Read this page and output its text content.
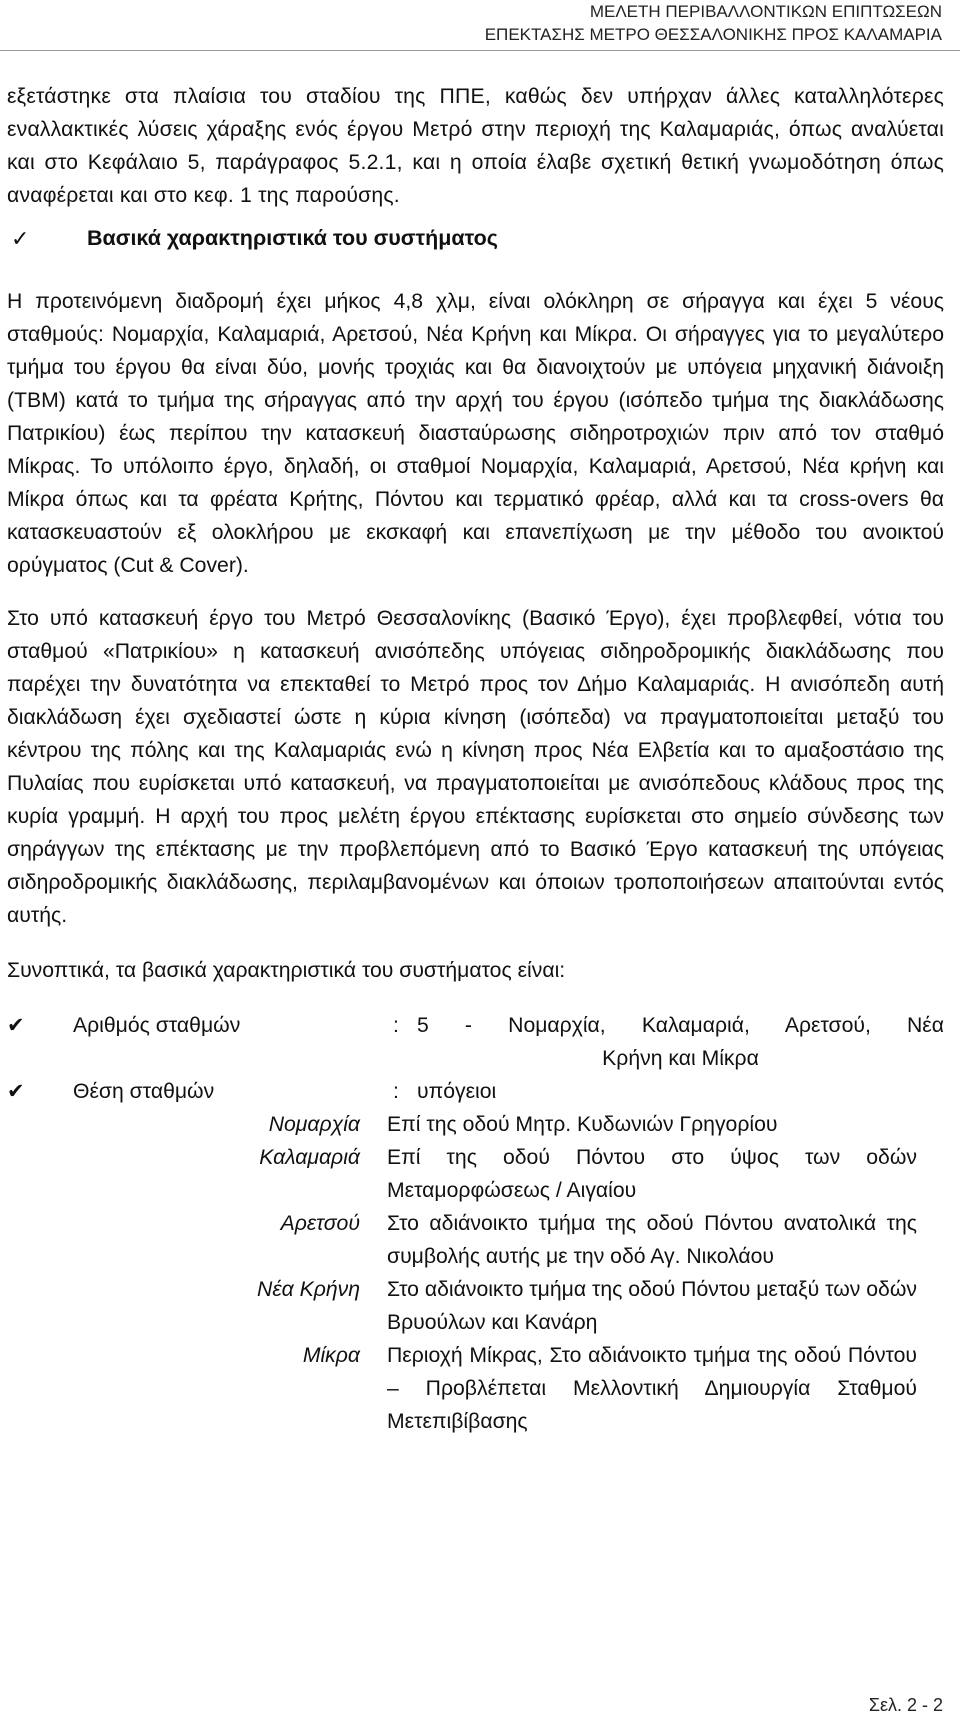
ΜΕΛΕΤΗ ΠΕΡΙΒΑΛΛΟΝΤΙΚΩΝ ΕΠΙΠΤΩΣΕΩΝ
ΕΠΕΚΤΑΣΗΣ ΜΕΤΡΟ ΘΕΣΣΑΛΟΝΙΚΗΣ ΠΡΟΣ ΚΑΛΑΜΑΡΙΑ

εξετάστηκε στα πλαίσια του σταδίου της ΠΠΕ, καθώς δεν υπήρχαν άλλες καταλληλότερες εναλλακτικές λύσεις χάραξης ενός έργου Μετρό στην περιοχή της Καλαμαριάς, όπως αναλύεται και στο Κεφάλαιο 5, παράγραφος 5.2.1, και η οποία έλαβε σχετική θετική γνωμοδότηση όπως αναφέρεται και στο κεφ. 1 της παρούσης.

✓	Βασικά χαρακτηριστικά του συστήματος

Η προτεινόμενη διαδρομή έχει μήκος 4,8 χλμ, είναι ολόκληρη σε σήραγγα και έχει 5 νέους σταθμούς: Νομαρχία, Καλαμαριά, Αρετσού, Νέα Κρήνη και Μίκρα. Οι σήραγγες για το μεγαλύτερο τμήμα του έργου θα είναι δύο, μονής τροχιάς και θα διανοιχτούν με υπόγεια μηχανική διάνοιξη (TBM) κατά το τμήμα της σήραγγας από την αρχή του έργου (ισόπεδο τμήμα της διακλάδωσης Πατρικίου) έως περίπου την κατασκευή διασταύρωσης σιδηροτροχιών πριν από τον σταθμό Μίκρας. Το υπόλοιπο έργο, δηλαδή, οι σταθμοί Νομαρχία, Καλαμαριά, Αρετσού, Νέα κρήνη και Μίκρα όπως και τα φρέατα Κρήτης, Πόντου και τερματικό φρέαρ, αλλά και τα cross-overs θα κατασκευαστούν εξ ολοκλήρου με εκσκαφή και επανεπίχωση με την μέθοδο του ανοικτού ορύγματος (Cut & Cover).

Στο υπό κατασκευή έργο του Μετρό Θεσσαλονίκης (Βασικό Έργο), έχει προβλεφθεί, νότια του σταθμού «Πατρικίου» η κατασκευή ανισόπεδης υπόγειας σιδηροδρομικής διακλάδωσης που παρέχει την δυνατότητα να επεκταθεί το Μετρό προς τον Δήμο Καλαμαριάς. Η ανισόπεδη αυτή διακλάδωση έχει σχεδιαστεί ώστε η κύρια κίνηση (ισόπεδα) να πραγματοποιείται μεταξύ του κέντρου της πόλης και της Καλαμαριάς ενώ η κίνηση προς Νέα Ελβετία και το αμαξοστάσιο της Πυλαίας που ευρίσκεται υπό κατασκευή, να πραγματοποιείται με ανισόπεδους κλάδους προς της κυρία γραμμή. Η αρχή του προς μελέτη έργου επέκτασης ευρίσκεται στο σημείο σύνδεσης των σηράγγων της επέκτασης με την προβλεπόμενη από το Βασικό Έργο κατασκευή της υπόγειας σιδηροδρομικής διακλάδωσης, περιλαμβανομένων και όποιων τροποποιήσεων απαιτούνται εντός αυτής.

Συνοπτικά, τα βασικά χαρακτηριστικά του συστήματος είναι:

✔	Αριθμός σταθμών	: 5 - Νομαρχία, Καλαμαριά, Αρετσού, Νέα
Κρήνη και Μίκρα
✔	Θέση σταθμών	: υπόγειοι
Νομαρχία	Επί της οδού Μητρ. Κυδωνιών Γρηγορίου
Καλαμαριά	Επί της οδού Πόντου στο ύψος των οδών Μεταμορφώσεως / Αιγαίου
Αρετσού	Στο αδιάνοικτο τμήμα της οδού Πόντου ανατολικά της συμβολής αυτής με την οδό Αγ. Νικολάου
Νέα Κρήνη	Στο αδιάνοικτο τμήμα της οδού Πόντου μεταξύ των οδών Βρυούλων και Κανάρη
Μίκρα	Περιοχή Μίκρας, Στο αδιάνοικτο τμήμα της οδού Πόντου – Προβλέπεται Μελλοντική Δημιουργία Σταθμού Μετεπιβίβασης
Σελ. 2 - 2
